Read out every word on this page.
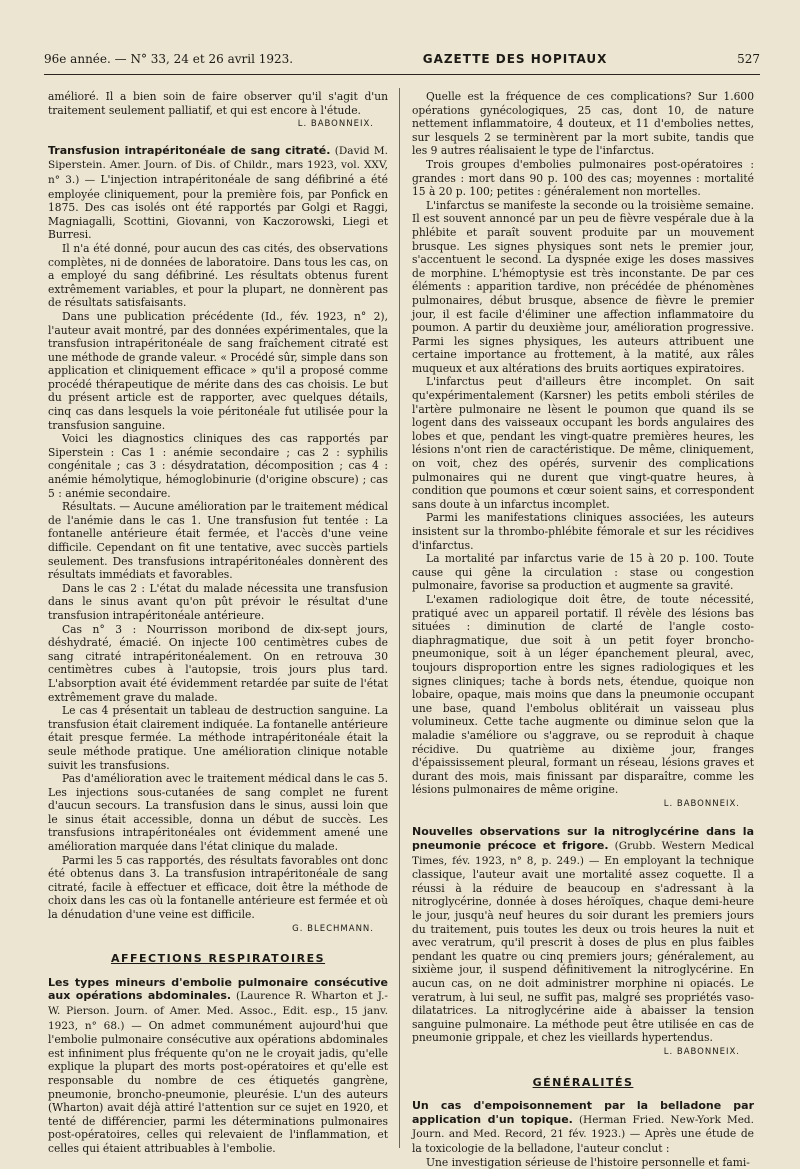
96e année. — N° 33, 24 et 26 avril 1923.	GAZETTE DES HOPITAUX	527

amélioré. Il a bien soin de faire observer qu'il s'agit d'un traitement seulement palliatif, et qui est encore à l'étude.

L. BABONNEIX.

Transfusion intrapéritonéale de sang citraté. (David M. Siperstein. Amer. Journ. of Dis. of Childr., mars 1923, vol. XXV, n° 3.) — L'injection intrapéritonéale de sang défibriné a été employée cliniquement, pour la première fois, par Ponfick en 1875. Des cas isolés ont été rapportés par Golgi et Raggi, Magniagalli, Scottini, Giovanni, von Kaczorowski, Liegi et Burresi.

Il n'a été donné, pour aucun des cas cités, des observations complètes, ni de données de laboratoire. Dans tous les cas, on a employé du sang défibriné. Les résultats obtenus furent extrêmement variables, et pour la plupart, ne donnèrent pas de résultats satisfaisants.

Dans une publication précédente (Id., fév. 1923, n° 2), l'auteur avait montré, par des données expérimentales, que la transfusion intrapéritonéale de sang fraîchement citraté est une méthode de grande valeur. « Procédé sûr, simple dans son application et cliniquement efficace » qu'il a proposé comme procédé thérapeutique de mérite dans des cas choisis. Le but du présent article est de rapporter, avec quelques détails, cinq cas dans lesquels la voie péritonéale fut utilisée pour la transfusion sanguine.

Voici les diagnostics cliniques des cas rapportés par Siperstein : Cas 1 : anémie secondaire ; cas 2 : syphilis congénitale ; cas 3 : désydratation, décomposition ; cas 4 : anémie hémolytique, hémoglobinurie (d'origine obscure) ; cas 5 : anémie secondaire.

Résultats. — Aucune amélioration par le traitement médical de l'anémie dans le cas 1. Une transfusion fut tentée : La fontanelle antérieure était fermée, et l'accès d'une veine difficile. Cependant on fit une tentative, avec succès partiels seulement. Des transfusions intrapéritonéales donnèrent des résultats immédiats et favorables.

Dans le cas 2 : L'état du malade nécessita une transfusion dans le sinus avant qu'on pût prévoir le résultat d'une transfusion intrapéritonéale antérieure.

Cas n° 3 : Nourrisson moribond de dix-sept jours, déshydraté, émacié. On injecte 100 centimètres cubes de sang citraté intrapéritonéalement. On en retrouva 30 centimètres cubes à l'autopsie, trois jours plus tard. L'absorption avait été évidemment retardée par suite de l'état extrêmement grave du malade.

Le cas 4 présentait un tableau de destruction sanguine. La transfusion était clairement indiquée. La fontanelle antérieure était presque fermée. La méthode intrapéritonéale était la seule méthode pratique. Une amélioration clinique notable suivit les transfusions.

Pas d'amélioration avec le traitement médical dans le cas 5. Les injections sous-cutanées de sang complet ne furent d'aucun secours. La transfusion dans le sinus, aussi loin que le sinus était accessible, donna un début de succès. Les transfusions intrapéritonéales ont évidemment amené une amélioration marquée dans l'état clinique du malade.

Parmi les 5 cas rapportés, des résultats favorables ont donc été obtenus dans 3. La transfusion intrapéritonéale de sang citraté, facile à effectuer et efficace, doit être la méthode de choix dans les cas où la fontanelle antérieure est fermée et où la dénudation d'une veine est difficile.

G. BLECHMANN.
AFFECTIONS RESPIRATOIRES

Les types mineurs d'embolie pulmonaire consécutive aux opérations abdominales. (Laurence R. Wharton et J.-W. Pierson. Journ. of Amer. Med. Assoc., Edit. esp., 15 janv. 1923, n° 68.) — On admet communément aujourd'hui que l'embolie pulmonaire consécutive aux opérations abdominales est infiniment plus fréquente qu'on ne le croyait jadis, qu'elle explique la plupart des morts post-opératoires et qu'elle est responsable du nombre de ces étiquetés gangrène, pneumonie, broncho-pneumonie, pleurésie. L'un des auteurs (Wharton) avait déjà attiré l'attention sur ce sujet en 1920, et tenté de différencier, parmi les déterminations pulmonaires post-opératoires, celles qui relevaient de l'inflammation, et celles qui étaient attribuables à l'embolie.

Quelle est la fréquence de ces complications? Sur 1.600 opérations gynécologiques, 25 cas, dont 10, de nature nettement inflammatoire, 4 douteux, et 11 d'embolies nettes, sur lesquels 2 se terminèrent par la mort subite, tandis que les 9 autres réalisaient le type de l'infarctus.

Trois groupes d'embolies pulmonaires post-opératoires : grandes : mort dans 90 p. 100 des cas; moyennes : mortalité 15 à 20 p. 100; petites : généralement non mortelles.

L'infarctus se manifeste la seconde ou la troisième semaine. Il est souvent annoncé par un peu de fièvre vespérale due à la phlébite et paraît souvent produite par un mouvement brusque. Les signes physiques sont nets le premier jour, s'accentuent le second. La dyspnée exige les doses massives de morphine. L'hémoptysie est très inconstante. De par ces éléments : apparition tardive, non précédée de phénomènes pulmonaires, début brusque, absence de fièvre le premier jour, il est facile d'éliminer une affection inflammatoire du poumon. A partir du deuxième jour, amélioration progressive. Parmi les signes physiques, les auteurs attribuent une certaine importance au frottement, à la matité, aux râles muqueux et aux altérations des bruits aortiques expiratoires.

L'infarctus peut d'ailleurs être incomplet. On sait qu'expérimentalement (Karsner) les petits emboli stériles de l'artère pulmonaire ne lèsent le poumon que quand ils se logent dans des vaisseaux occupant les bords angulaires des lobes et que, pendant les vingt-quatre premières heures, les lésions n'ont rien de caractéristique. De même, cliniquement, on voit, chez des opérés, survenir des complications pulmonaires qui ne durent que vingt-quatre heures, à condition que poumons et cœur soient sains, et correspondent sans doute à un infarctus incomplet.

Parmi les manifestations cliniques associées, les auteurs insistent sur la thrombo-phlébite fémorale et sur les récidives d'infarctus.

La mortalité par infarctus varie de 15 à 20 p. 100. Toute cause qui gêne la circulation : stase ou congestion pulmonaire, favorise sa production et augmente sa gravité.

L'examen radiologique doit être, de toute nécessité, pratiqué avec un appareil portatif. Il révèle des lésions bas situées : diminution de clarté de l'angle costo-diaphragmatique, due soit à un petit foyer broncho-pneumonique, soit à un léger épanchement pleural, avec, toujours disproportion entre les signes radiologiques et les signes cliniques; tache à bords nets, étendue, quoique non lobaire, opaque, mais moins que dans la pneumonie occupant une base, quand l'embolus oblitérait un vaisseau plus volumineux. Cette tache augmente ou diminue selon que la maladie s'améliore ou s'aggrave, ou se reproduit à chaque récidive. Du quatrième au dixième jour, franges d'épaississement pleural, formant un réseau, lésions graves et durant des mois, mais finissant par disparaître, comme les lésions pulmonaires de même origine.

L. BABONNEIX.

Nouvelles observations sur la nitroglycérine dans la pneumonie précoce et frigore. (Grubb. Western Medical Times, fév. 1923, n° 8, p. 249.) — En employant la technique classique, l'auteur avait une mortalité assez coquette. Il a réussi à la réduire de beaucoup en s'adressant à la nitroglycérine, donnée à doses héroïques, chaque demi-heure le jour, jusqu'à neuf heures du soir durant les premiers jours du traitement, puis toutes les deux ou trois heures la nuit et avec veratrum, qu'il prescrit à doses de plus en plus faibles pendant les quatre ou cinq premiers jours; généralement, au sixième jour, il suspend définitivement la nitroglycérine. En aucun cas, on ne doit administrer morphine ni opiacés. Le veratrum, à lui seul, ne suffit pas, malgré ses propriétés vaso-dilatatrices. La nitroglycérine aide à abaisser la tension sanguine pulmonaire. La méthode peut être utilisée en cas de pneumonie grippale, et chez les vieillards hypertendus.

L. BABONNEIX.
GÉNÉRALITÉS

Un cas d'empoisonnement par la belladone par application d'un topique. (Herman Fried. New-York Med. Journ. and Med. Record, 21 fév. 1923.) — Après une étude de la toxicologie de la belladone, l'auteur conclut :

Une investigation sérieuse de l'histoire personnelle et fami-
